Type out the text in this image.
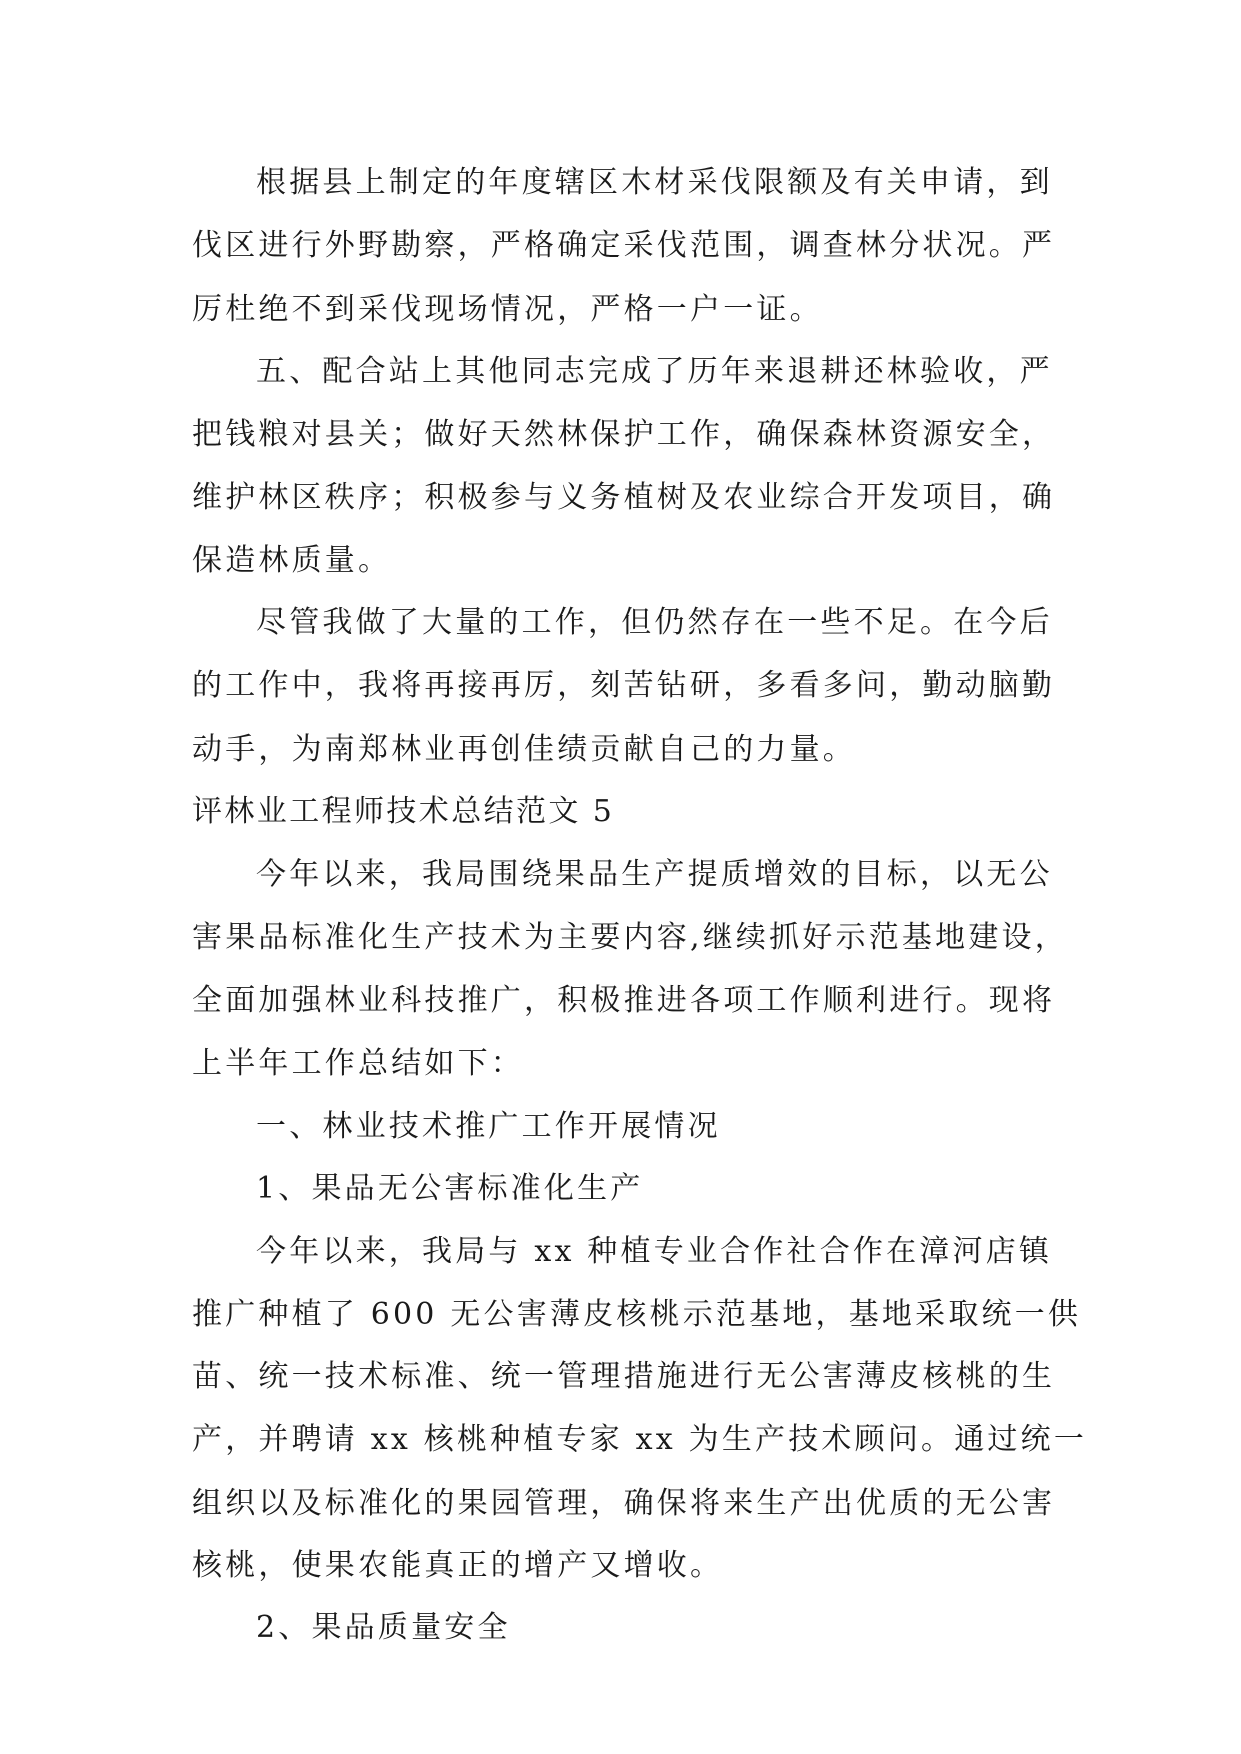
根据县上制定的年度辖区木材采伐限额及有关申请，到

伐区进行外野勘察，严格确定采伐范围，调查林分状况。严

厉杜绝不到采伐现场情况，严格一户一证。

五、配合站上其他同志完成了历年来退耕还林验收，严

把钱粮对县关；做好天然林保护工作，确保森林资源安全，

维护林区秩序；积极参与义务植树及农业综合开发项目，确

保造林质量。

尽管我做了大量的工作，但仍然存在一些不足。在今后

的工作中，我将再接再厉，刻苦钻研，多看多问，勤动脑勤

动手，为南郑林业再创佳绩贡献自己的力量。

评林业工程师技术总结范文 5

今年以来，我局围绕果品生产提质增效的目标，以无公

害果品标准化生产技术为主要内容,继续抓好示范基地建设，

全面加强林业科技推广，积极推进各项工作顺利进行。现将

上半年工作总结如下：

一、林业技术推广工作开展情况

1、果品无公害标准化生产

今年以来，我局与 xx 种植专业合作社合作在漳河店镇

推广种植了 600 无公害薄皮核桃示范基地，基地采取统一供

苗、统一技术标准、统一管理措施进行无公害薄皮核桃的生

产，并聘请 xx 核桃种植专家 xx 为生产技术顾问。通过统一

组织以及标准化的果园管理，确保将来生产出优质的无公害

核桃，使果农能真正的增产又增收。

2、果品质量安全
